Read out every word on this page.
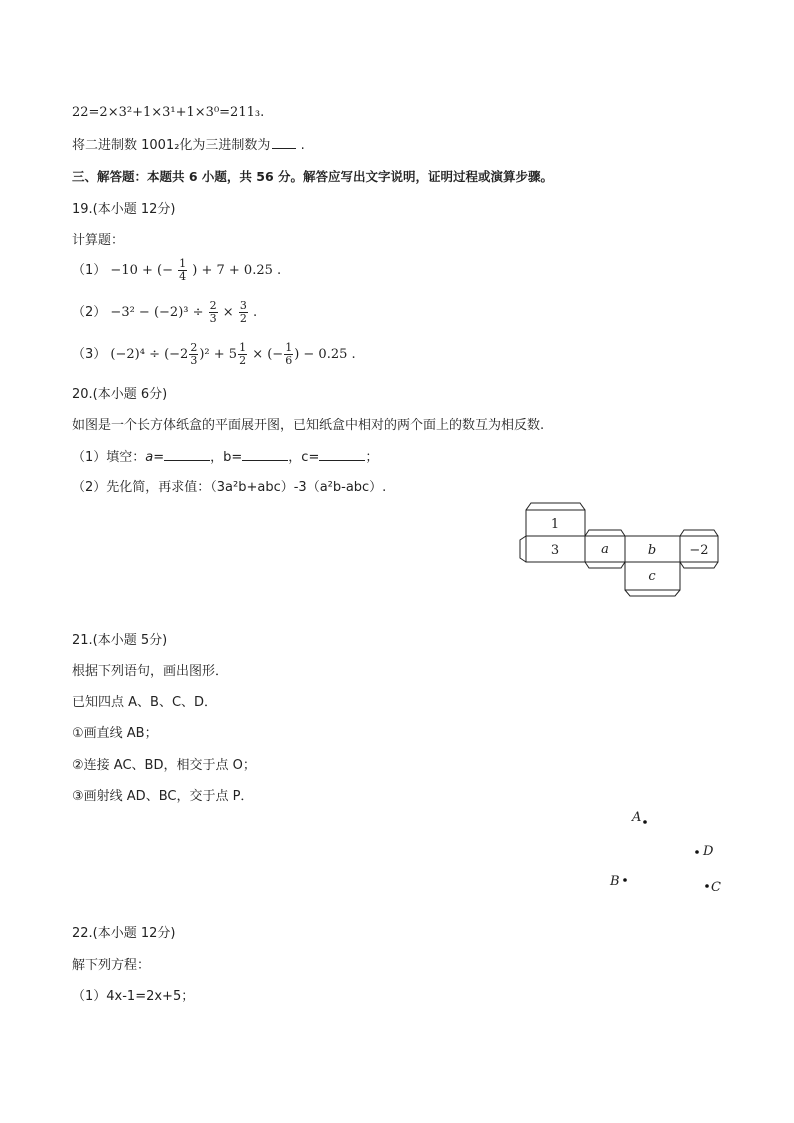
22=2×3²+1×3¹+1×3⁰=211₃.
将二进制数 1001₂化为三进制数为 .
三、解答题：本题共 6 小题，共 56 分。解答应写出文字说明，证明过程或演算步骤。
19.(本小题 12分)
计算题：
（1） −10 + (− $\frac{1}{4}$ ) + 7 + 0.25 .
$(2) -3^2 - (-2)^3 \div \frac{2}{3} \times \frac{3}{2}$ .
（3） $(-2)^4 \div (-2 \frac{2}{3} )^2 + 5 \frac{1}{2}$ × (− $\frac{1}{6}$ ) − 0.25 .
20.(本小题 6分)
如图是一个长方体纸盒的平面展开图，已知纸盒中相对的两个面上的数互为相反数.
（1）填空：a=	，b=	，c=	；
（2）先化简，再求值：（3a²b+abc）-3（a²b-abc）.
1
3	a	b	−2
c
21.(本小题 5分)
根据下列语句，画出图形．
已知四点 A、B、C、D．
①画直线 AB；
②连接 AC、BD，相交于点 O；
③画射线 AD、BC，交于点 P．
A
D
B	C
22.(本小题 12分)
解下列方程：
（1）4x-1=2x+5；
